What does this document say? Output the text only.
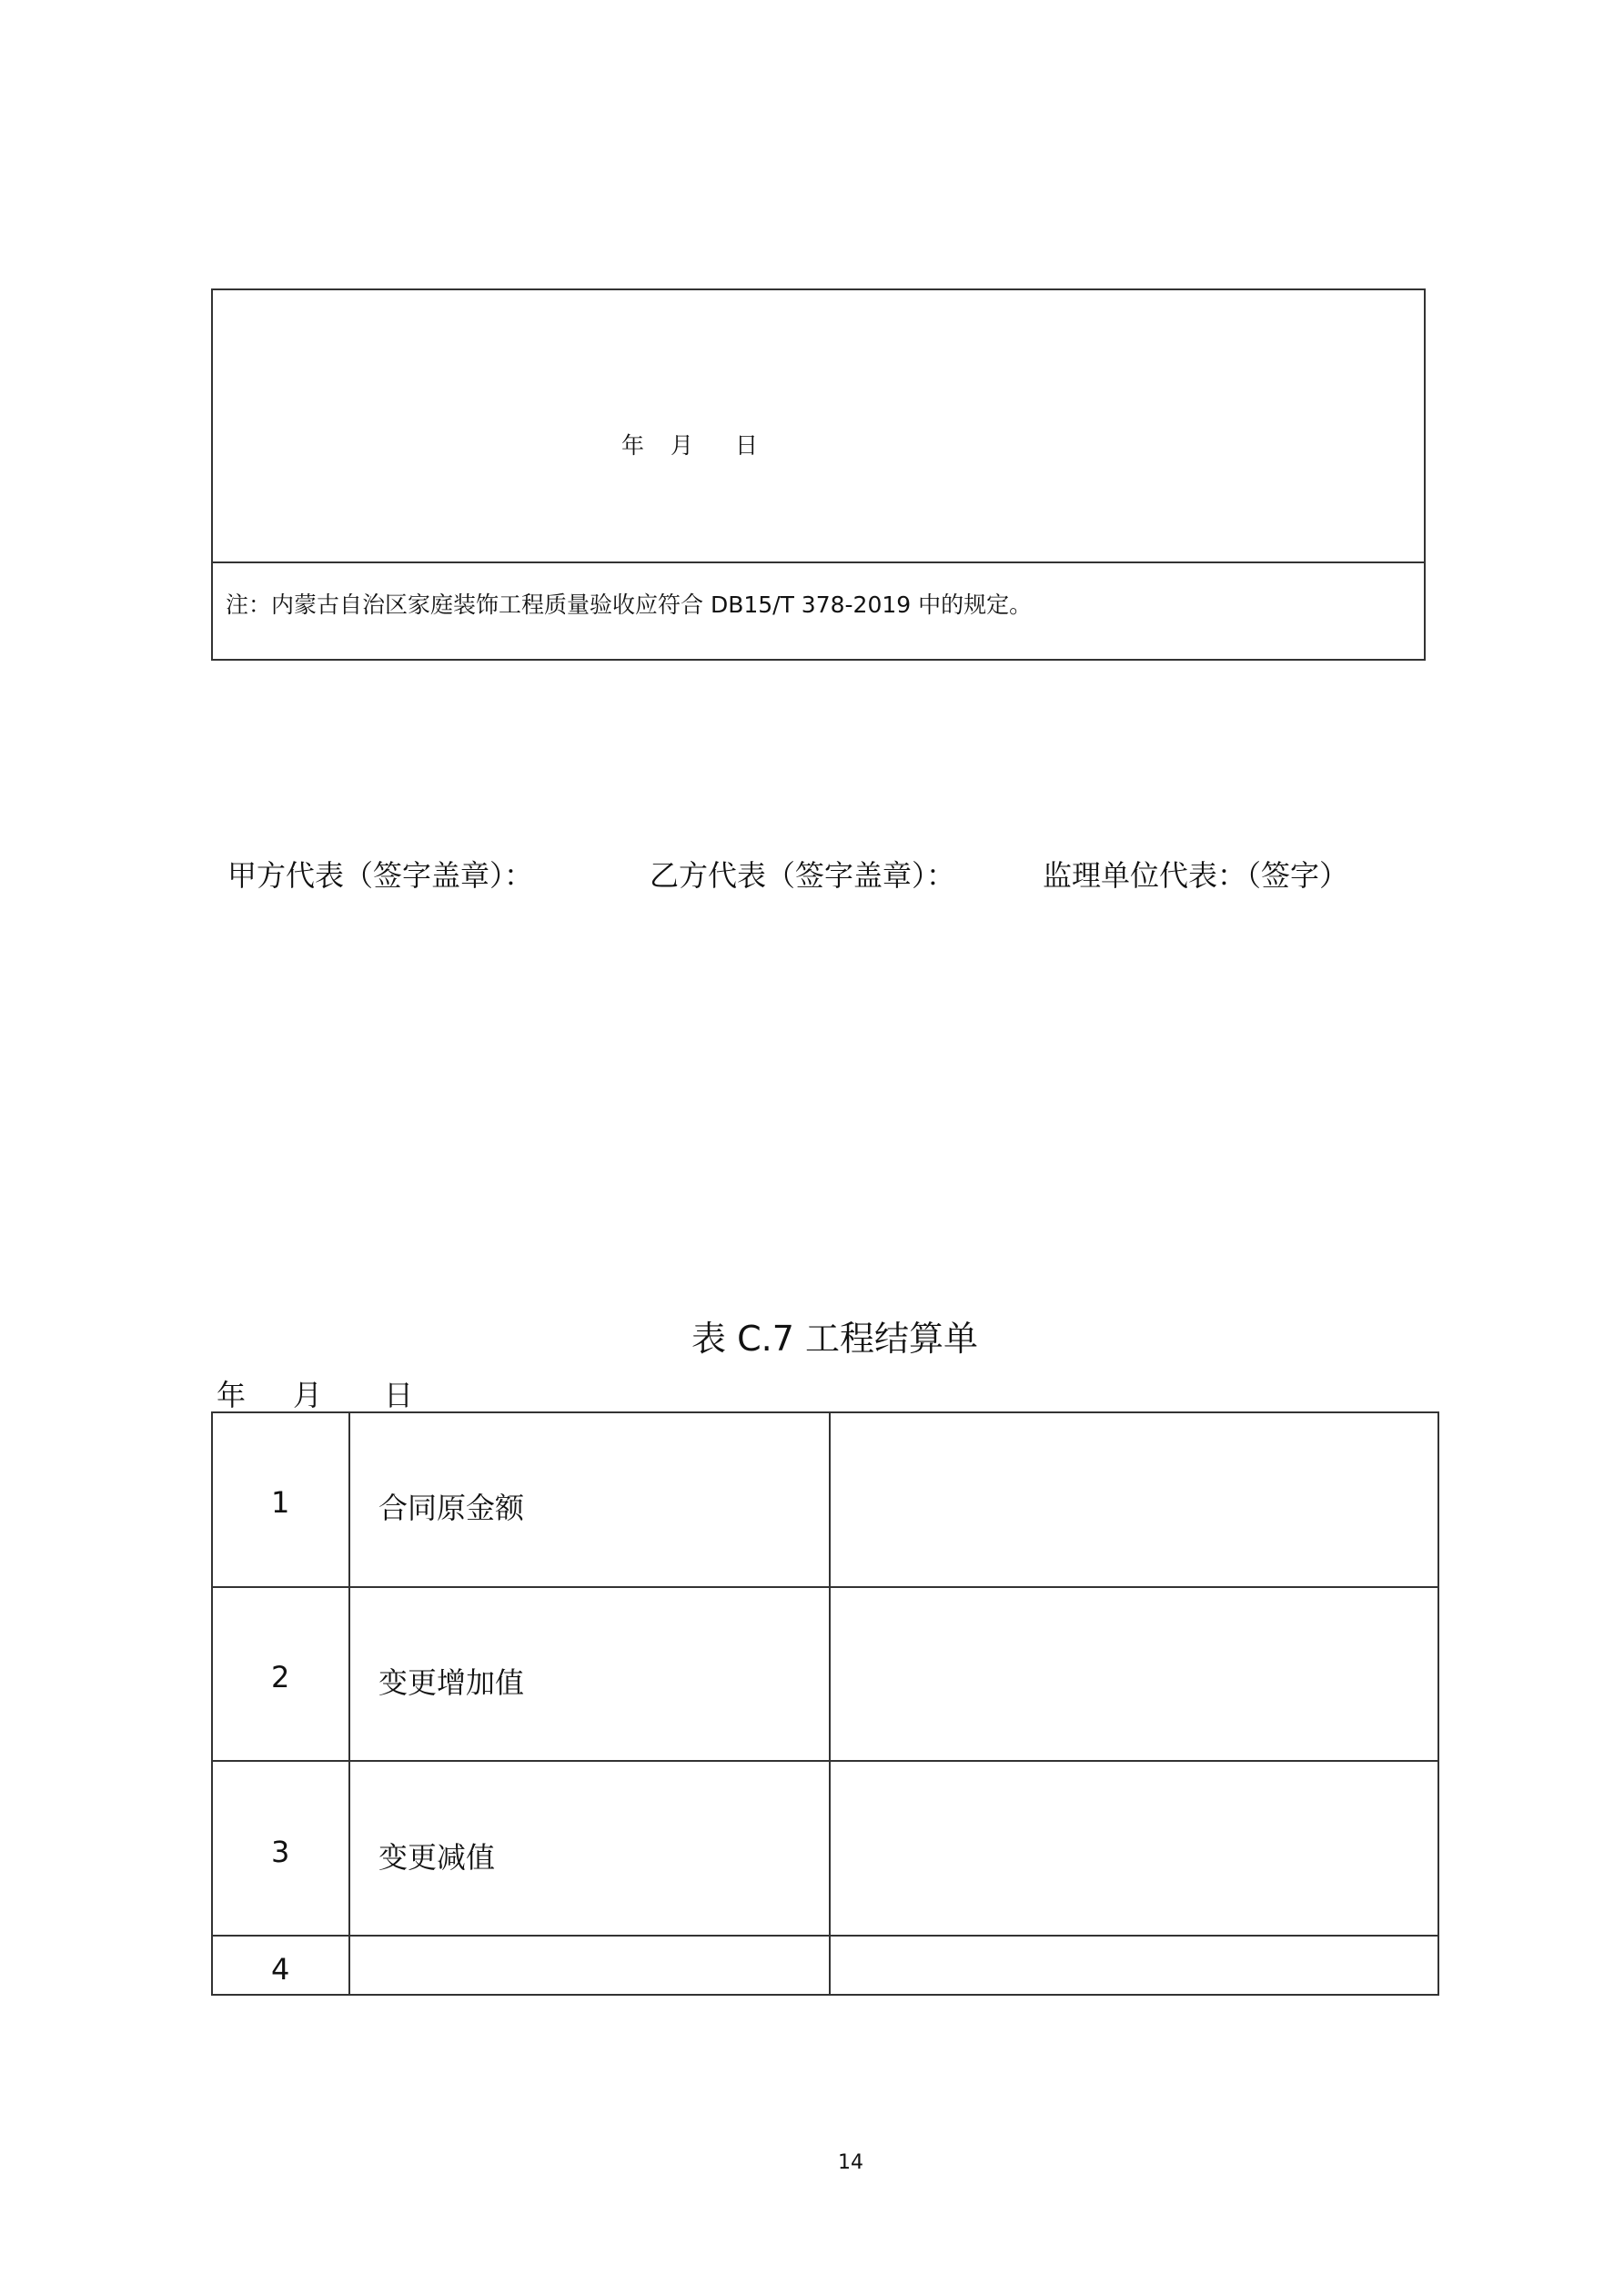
年 月 日
注：内蒙古自治区家庭装饰工程质量验收应符合 DB15/T 378-2019 中的规定。
甲方代表（签字盖章）：	乙方代表（签字盖章）：	监理单位代表：（签字）
表 C.7 工程结算单
年 月 日
1	合同原金额
2	变更增加值
3	变更减值
4
14
